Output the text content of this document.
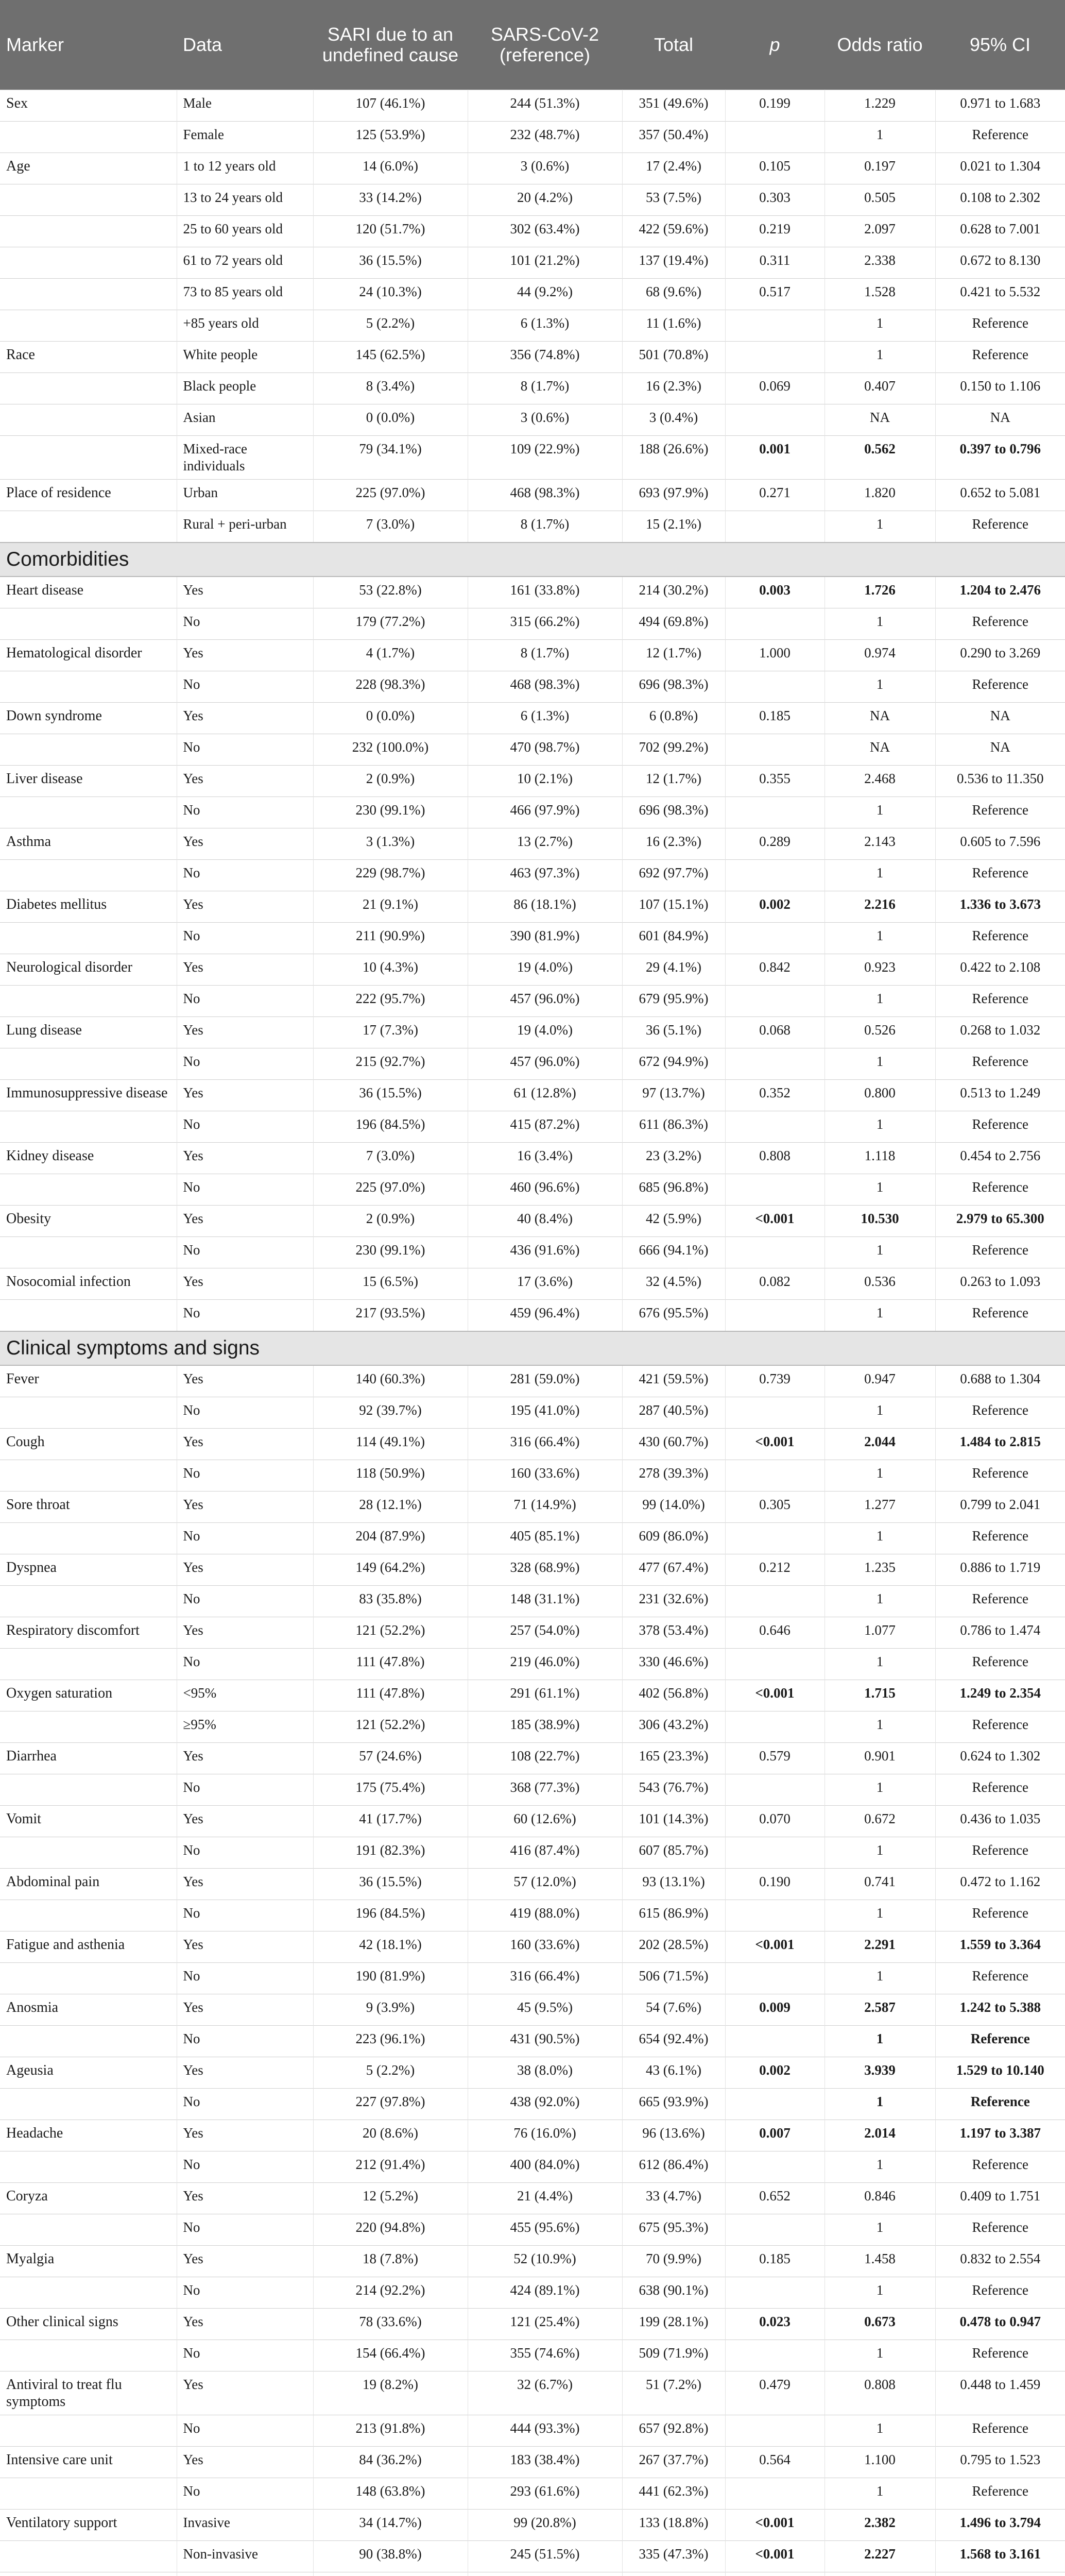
Marker	Data	SARI due to an undefined cause	SARS-CoV-2 (reference)	Total	p	Odds ratio	95% CI
Sex	Male	107 (46.1%)	244 (51.3%)	351 (49.6%)	0.199	1.229	0.971 to 1.683
	Female	125 (53.9%)	232 (48.7%)	357 (50.4%)		1	Reference
Age	1 to 12 years old	14 (6.0%)	3 (0.6%)	17 (2.4%)	0.105	0.197	0.021 to 1.304
	13 to 24 years old	33 (14.2%)	20 (4.2%)	53 (7.5%)	0.303	0.505	0.108 to 2.302
	25 to 60 years old	120 (51.7%)	302 (63.4%)	422 (59.6%)	0.219	2.097	0.628 to 7.001
	61 to 72 years old	36 (15.5%)	101 (21.2%)	137 (19.4%)	0.311	2.338	0.672 to 8.130
	73 to 85 years old	24 (10.3%)	44 (9.2%)	68 (9.6%)	0.517	1.528	0.421 to 5.532
	+85 years old	5 (2.2%)	6 (1.3%)	11 (1.6%)		1	Reference
Race	White people	145 (62.5%)	356 (74.8%)	501 (70.8%)		1	Reference
	Black people	8 (3.4%)	8 (1.7%)	16 (2.3%)	0.069	0.407	0.150 to 1.106
	Asian	0 (0.0%)	3 (0.6%)	3 (0.4%)		NA	NA
	Mixed-race individuals	79 (34.1%)	109 (22.9%)	188 (26.6%)	0.001	0.562	0.397 to 0.796
Place of residence	Urban	225 (97.0%)	468 (98.3%)	693 (97.9%)	0.271	1.820	0.652 to 5.081
	Rural + peri-urban	7 (3.0%)	8 (1.7%)	15 (2.1%)		1	Reference
Comorbidities							
Heart disease	Yes	53 (22.8%)	161 (33.8%)	214 (30.2%)	0.003	1.726	1.204 to 2.476
	No	179 (77.2%)	315 (66.2%)	494 (69.8%)		1	Reference
Hematological disorder	Yes	4 (1.7%)	8 (1.7%)	12 (1.7%)	1.000	0.974	0.290 to 3.269
	No	228 (98.3%)	468 (98.3%)	696 (98.3%)		1	Reference
Down syndrome	Yes	0 (0.0%)	6 (1.3%)	6 (0.8%)	0.185	NA	NA
	No	232 (100.0%)	470 (98.7%)	702 (99.2%)		NA	NA
Liver disease	Yes	2 (0.9%)	10 (2.1%)	12 (1.7%)	0.355	2.468	0.536 to 11.350
	No	230 (99.1%)	466 (97.9%)	696 (98.3%)		1	Reference
Asthma	Yes	3 (1.3%)	13 (2.7%)	16 (2.3%)	0.289	2.143	0.605 to 7.596
	No	229 (98.7%)	463 (97.3%)	692 (97.7%)		1	Reference
Diabetes mellitus	Yes	21 (9.1%)	86 (18.1%)	107 (15.1%)	0.002	2.216	1.336 to 3.673
	No	211 (90.9%)	390 (81.9%)	601 (84.9%)		1	Reference
Neurological disorder	Yes	10 (4.3%)	19 (4.0%)	29 (4.1%)	0.842	0.923	0.422 to 2.108
	No	222 (95.7%)	457 (96.0%)	679 (95.9%)		1	Reference
Lung disease	Yes	17 (7.3%)	19 (4.0%)	36 (5.1%)	0.068	0.526	0.268 to 1.032
	No	215 (92.7%)	457 (96.0%)	672 (94.9%)		1	Reference
Immunosuppressive disease	Yes	36 (15.5%)	61 (12.8%)	97 (13.7%)	0.352	0.800	0.513 to 1.249
	No	196 (84.5%)	415 (87.2%)	611 (86.3%)		1	Reference
Kidney disease	Yes	7 (3.0%)	16 (3.4%)	23 (3.2%)	0.808	1.118	0.454 to 2.756
	No	225 (97.0%)	460 (96.6%)	685 (96.8%)		1	Reference
Obesity	Yes	2 (0.9%)	40 (8.4%)	42 (5.9%)	<0.001	10.530	2.979 to 65.300
	No	230 (99.1%)	436 (91.6%)	666 (94.1%)		1	Reference
Nosocomial infection	Yes	15 (6.5%)	17 (3.6%)	32 (4.5%)	0.082	0.536	0.263 to 1.093
	No	217 (93.5%)	459 (96.4%)	676 (95.5%)		1	Reference
Clinical symptoms and signs							
Fever	Yes	140 (60.3%)	281 (59.0%)	421 (59.5%)	0.739	0.947	0.688 to 1.304
	No	92 (39.7%)	195 (41.0%)	287 (40.5%)		1	Reference
Cough	Yes	114 (49.1%)	316 (66.4%)	430 (60.7%)	<0.001	2.044	1.484 to 2.815
	No	118 (50.9%)	160 (33.6%)	278 (39.3%)		1	Reference
Sore throat	Yes	28 (12.1%)	71 (14.9%)	99 (14.0%)	0.305	1.277	0.799 to 2.041
	No	204 (87.9%)	405 (85.1%)	609 (86.0%)		1	Reference
Dyspnea	Yes	149 (64.2%)	328 (68.9%)	477 (67.4%)	0.212	1.235	0.886 to 1.719
	No	83 (35.8%)	148 (31.1%)	231 (32.6%)		1	Reference
Respiratory discomfort	Yes	121 (52.2%)	257 (54.0%)	378 (53.4%)	0.646	1.077	0.786 to 1.474
	No	111 (47.8%)	219 (46.0%)	330 (46.6%)		1	Reference
Oxygen saturation	<95%	111 (47.8%)	291 (61.1%)	402 (56.8%)	<0.001	1.715	1.249 to 2.354
	≥95%	121 (52.2%)	185 (38.9%)	306 (43.2%)		1	Reference
Diarrhea	Yes	57 (24.6%)	108 (22.7%)	165 (23.3%)	0.579	0.901	0.624 to 1.302
	No	175 (75.4%)	368 (77.3%)	543 (76.7%)		1	Reference
Vomit	Yes	41 (17.7%)	60 (12.6%)	101 (14.3%)	0.070	0.672	0.436 to 1.035
	No	191 (82.3%)	416 (87.4%)	607 (85.7%)		1	Reference
Abdominal pain	Yes	36 (15.5%)	57 (12.0%)	93 (13.1%)	0.190	0.741	0.472 to 1.162
	No	196 (84.5%)	419 (88.0%)	615 (86.9%)		1	Reference
Fatigue and asthenia	Yes	42 (18.1%)	160 (33.6%)	202 (28.5%)	<0.001	2.291	1.559 to 3.364
	No	190 (81.9%)	316 (66.4%)	506 (71.5%)		1	Reference
Anosmia	Yes	9 (3.9%)	45 (9.5%)	54 (7.6%)	0.009	2.587	1.242 to 5.388
	No	223 (96.1%)	431 (90.5%)	654 (92.4%)		1	Reference
Ageusia	Yes	5 (2.2%)	38 (8.0%)	43 (6.1%)	0.002	3.939	1.529 to 10.140
	No	227 (97.8%)	438 (92.0%)	665 (93.9%)		1	Reference
Headache	Yes	20 (8.6%)	76 (16.0%)	96 (13.6%)	0.007	2.014	1.197 to 3.387
	No	212 (91.4%)	400 (84.0%)	612 (86.4%)		1	Reference
Coryza	Yes	12 (5.2%)	21 (4.4%)	33 (4.7%)	0.652	0.846	0.409 to 1.751
	No	220 (94.8%)	455 (95.6%)	675 (95.3%)		1	Reference
Myalgia	Yes	18 (7.8%)	52 (10.9%)	70 (9.9%)	0.185	1.458	0.832 to 2.554
	No	214 (92.2%)	424 (89.1%)	638 (90.1%)		1	Reference
Other clinical signs	Yes	78 (33.6%)	121 (25.4%)	199 (28.1%)	0.023	0.673	0.478 to 0.947
	No	154 (66.4%)	355 (74.6%)	509 (71.9%)		1	Reference
Antiviral to treat flu symptoms	Yes	19 (8.2%)	32 (6.7%)	51 (7.2%)	0.479	0.808	0.448 to 1.459
	No	213 (91.8%)	444 (93.3%)	657 (92.8%)		1	Reference
Intensive care unit	Yes	84 (36.2%)	183 (38.4%)	267 (37.7%)	0.564	1.100	0.795 to 1.523
	No	148 (63.8%)	293 (61.6%)	441 (62.3%)		1	Reference
Ventilatory support	Invasive	34 (14.7%)	99 (20.8%)	133 (18.8%)	<0.001	2.382	1.496 to 3.794
	Non-invasive	90 (38.8%)	245 (51.5%)	335 (47.3%)	<0.001	2.227	1.568 to 3.161
